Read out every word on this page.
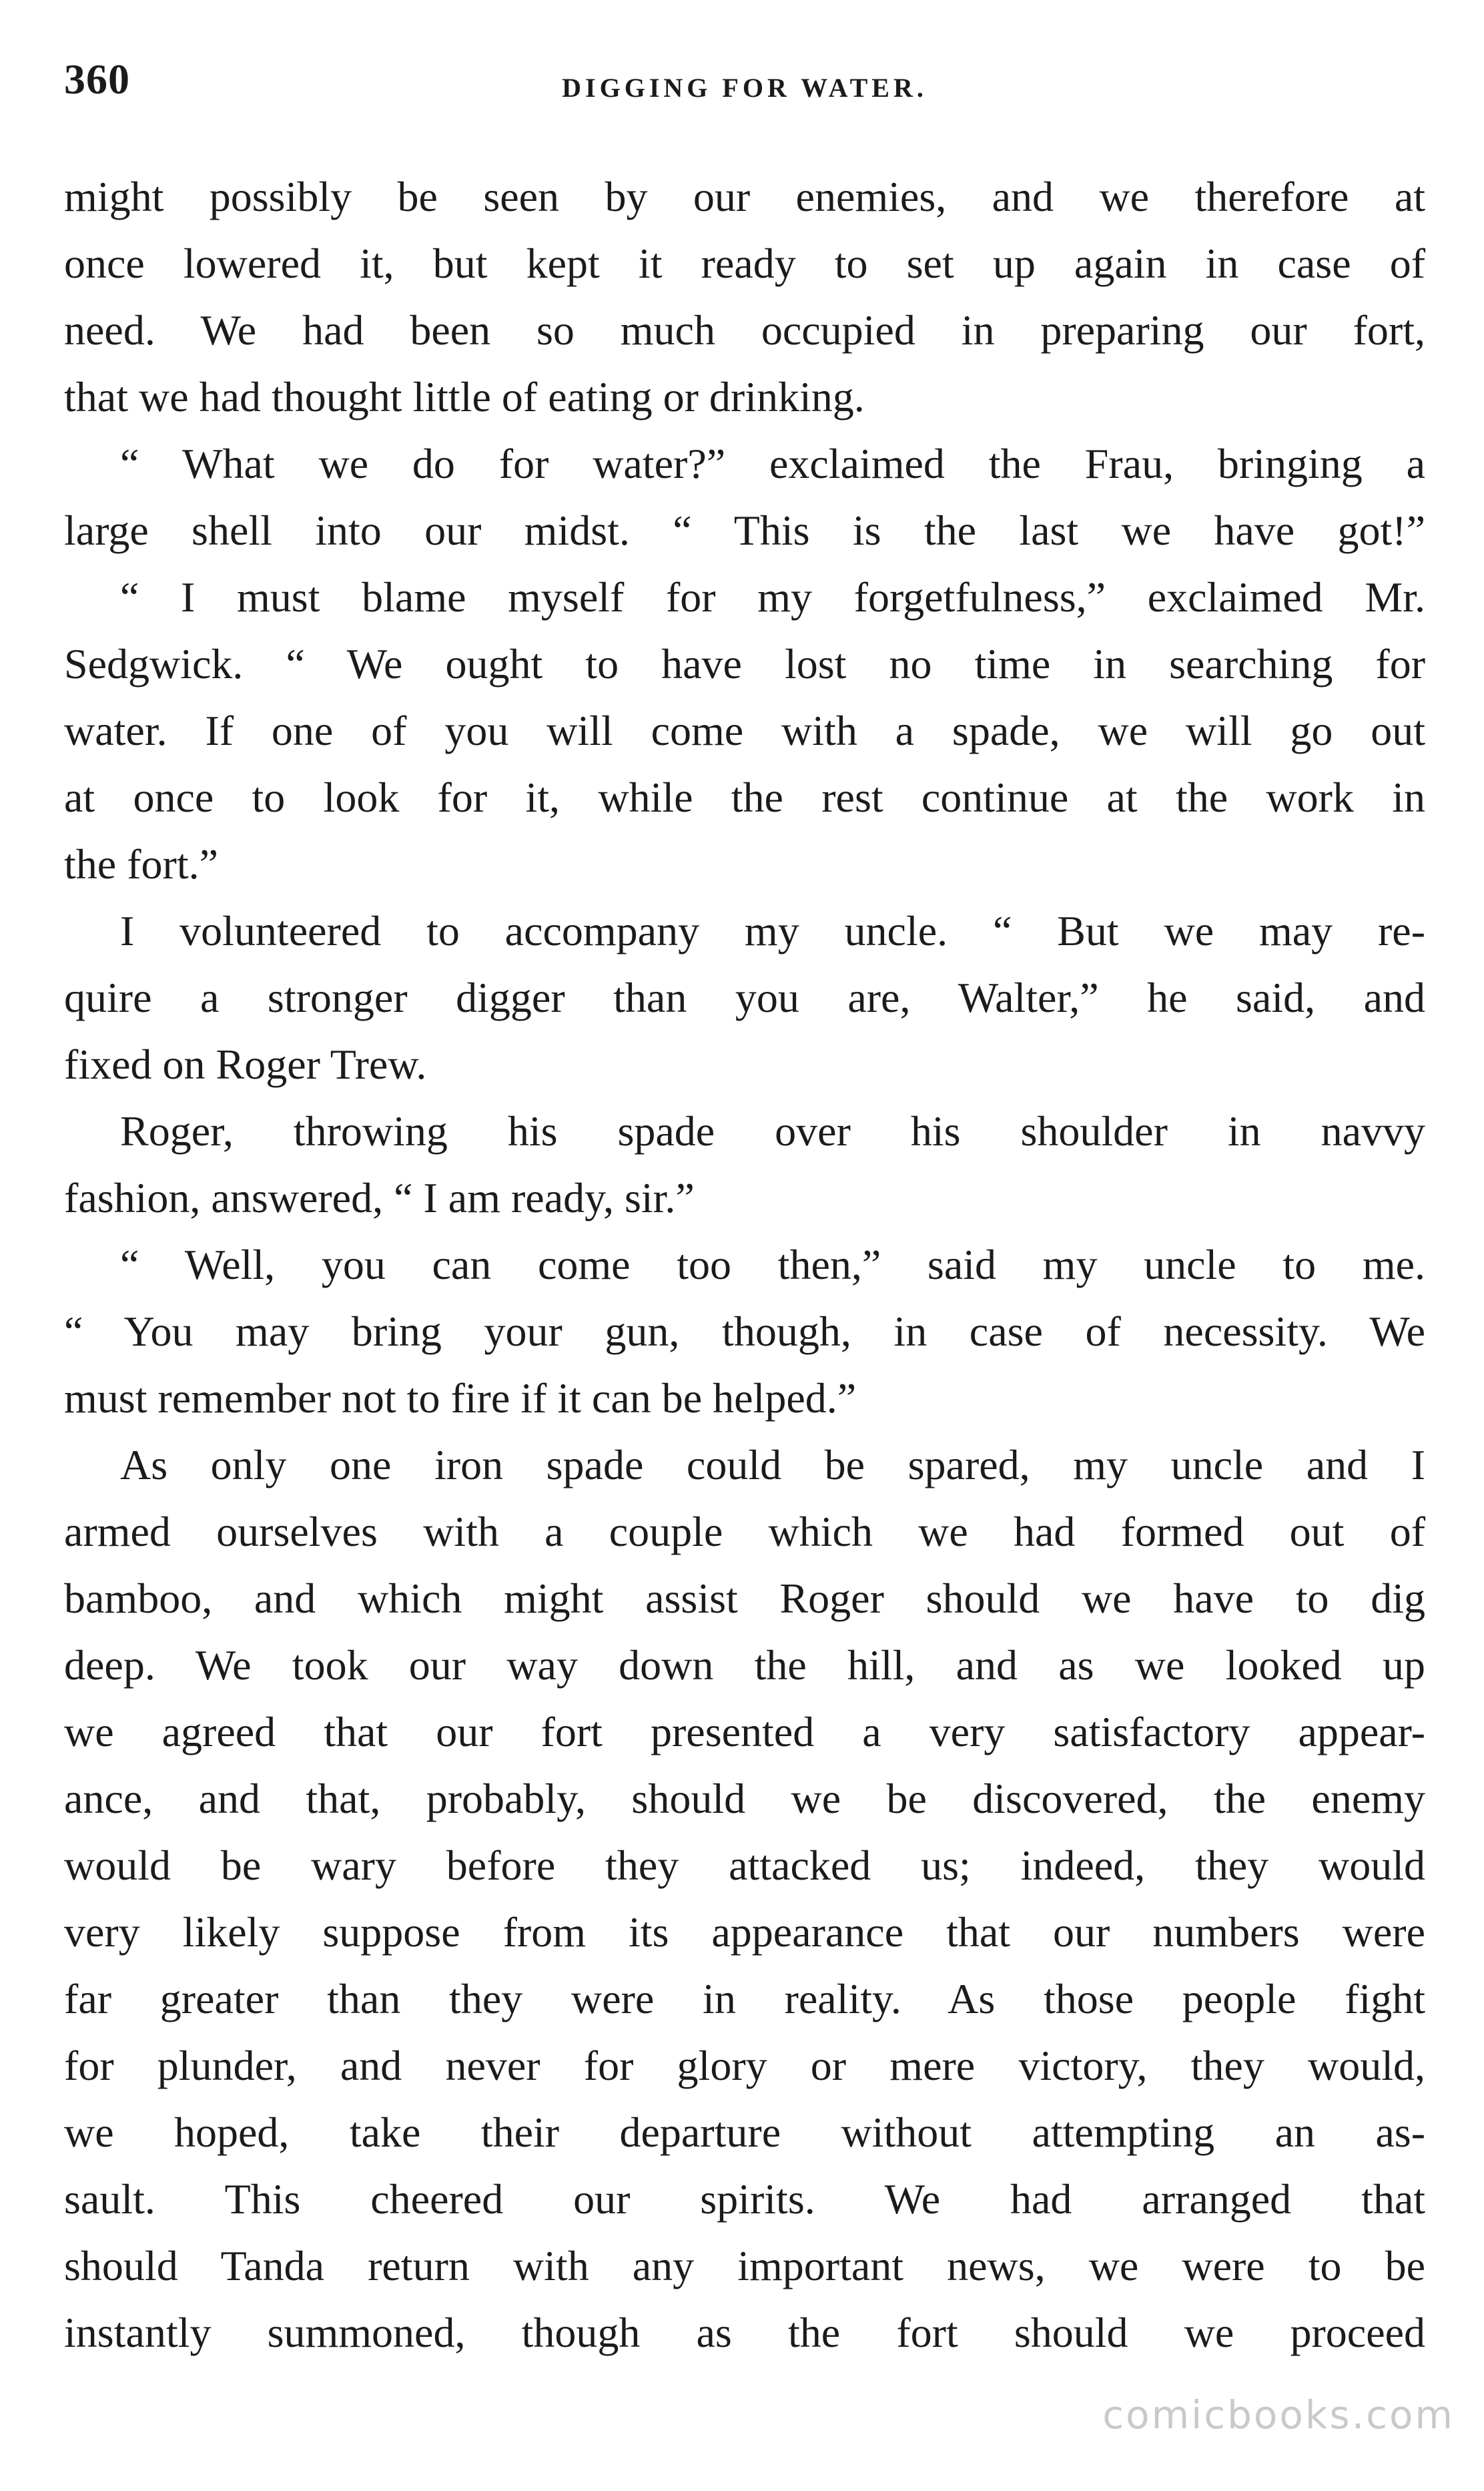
360	DIGGING FOR WATER.
might possibly be seen by our enemies, and we therefore at
once lowered it, but kept it ready to set up again in case of
need. We had been so much occupied in preparing our fort,
that we had thought little of eating or drinking.
“ What we do for water?” exclaimed the Frau, bringing a
large shell into our midst. “ This is the last we have got!”
“ I must blame myself for my forgetfulness,” exclaimed Mr.
Sedgwick. “ We ought to have lost no time in searching for
water. If one of you will come with a spade, we will go out
at once to look for it, while the rest continue at the work in
the fort.”
I volunteered to accompany my uncle. “ But we may re-
quire a stronger digger than you are, Walter,” he said, and
fixed on Roger Trew.
Roger, throwing his spade over his shoulder in navvy
fashion, answered, “ I am ready, sir.”
“ Well, you can come too then,” said my uncle to me.
“ You may bring your gun, though, in case of necessity. We
must remember not to fire if it can be helped.”
As only one iron spade could be spared, my uncle and I
armed ourselves with a couple which we had formed out of
bamboo, and which might assist Roger should we have to dig
deep. We took our way down the hill, and as we looked up
we agreed that our fort presented a very satisfactory appear-
ance, and that, probably, should we be discovered, the enemy
would be wary before they attacked us; indeed, they would
very likely suppose from its appearance that our numbers were
far greater than they were in reality. As those people fight
for plunder, and never for glory or mere victory, they would,
we hoped, take their departure without attempting an as-
sault. This cheered our spirits. We had arranged that
should Tanda return with any important news, we were to be
instantly summoned, though as the fort should we proceed
comicbooks.com
